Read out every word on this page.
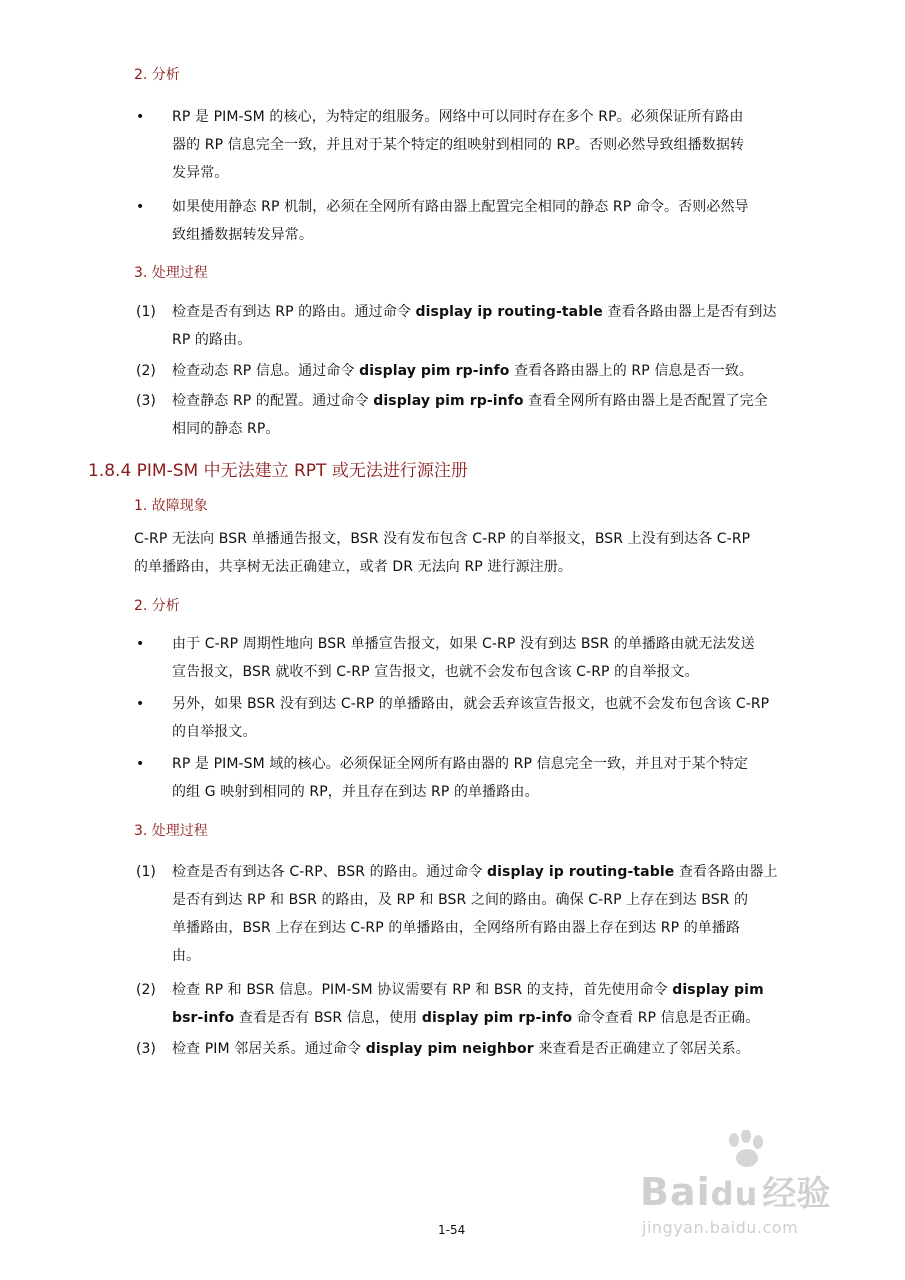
2. 分析
• RP 是 PIM-SM 的核心，为特定的组服务。网络中可以同时存在多个 RP。必须保证所有路由
器的 RP 信息完全一致，并且对于某个特定的组映射到相同的 RP。否则必然导致组播数据转
发异常。
• 如果使用静态 RP 机制，必须在全网所有路由器上配置完全相同的静态 RP 命令。否则必然导
致组播数据转发异常。
3. 处理过程
(1) 检查是否有到达 RP 的路由。通过命令 display ip routing-table 查看各路由器上是否有到达
RP 的路由。
(2) 检查动态 RP 信息。通过命令 display pim rp-info 查看各路由器上的 RP 信息是否一致。
(3) 检查静态 RP 的配置。通过命令 display pim rp-info 查看全网所有路由器上是否配置了完全
相同的静态 RP。
1.8.4 PIM-SM 中无法建立 RPT 或无法进行源注册
1. 故障现象
C-RP 无法向 BSR 单播通告报文，BSR 没有发布包含 C-RP 的自举报文，BSR 上没有到达各 C-RP
的单播路由，共享树无法正确建立，或者 DR 无法向 RP 进行源注册。
2. 分析
• 由于 C-RP 周期性地向 BSR 单播宣告报文，如果 C-RP 没有到达 BSR 的单播路由就无法发送
宣告报文，BSR 就收不到 C-RP 宣告报文，也就不会发布包含该 C-RP 的自举报文。
• 另外，如果 BSR 没有到达 C-RP 的单播路由，就会丢弃该宣告报文，也就不会发布包含该 C-RP
的自举报文。
• RP 是 PIM-SM 域的核心。必须保证全网所有路由器的 RP 信息完全一致，并且对于某个特定
的组 G 映射到相同的 RP，并且存在到达 RP 的单播路由。
3. 处理过程
(1) 检查是否有到达各 C-RP、BSR 的路由。通过命令 display ip routing-table 查看各路由器上
是否有到达 RP 和 BSR 的路由，及 RP 和 BSR 之间的路由。确保 C-RP 上存在到达 BSR 的
单播路由，BSR 上存在到达 C-RP 的单播路由，全网络所有路由器上存在到达 RP 的单播路
由。
(2) 检查 RP 和 BSR 信息。PIM-SM 协议需要有 RP 和 BSR 的支持，首先使用命令 display pim
bsr-info 查看是否有 BSR 信息，使用 display pim rp-info 命令查看 RP 信息是否正确。
(3) 检查 PIM 邻居关系。通过命令 display pim neighbor 来查看是否正确建立了邻居关系。
Baidu 经验
jingyan.baidu.com
1-54
